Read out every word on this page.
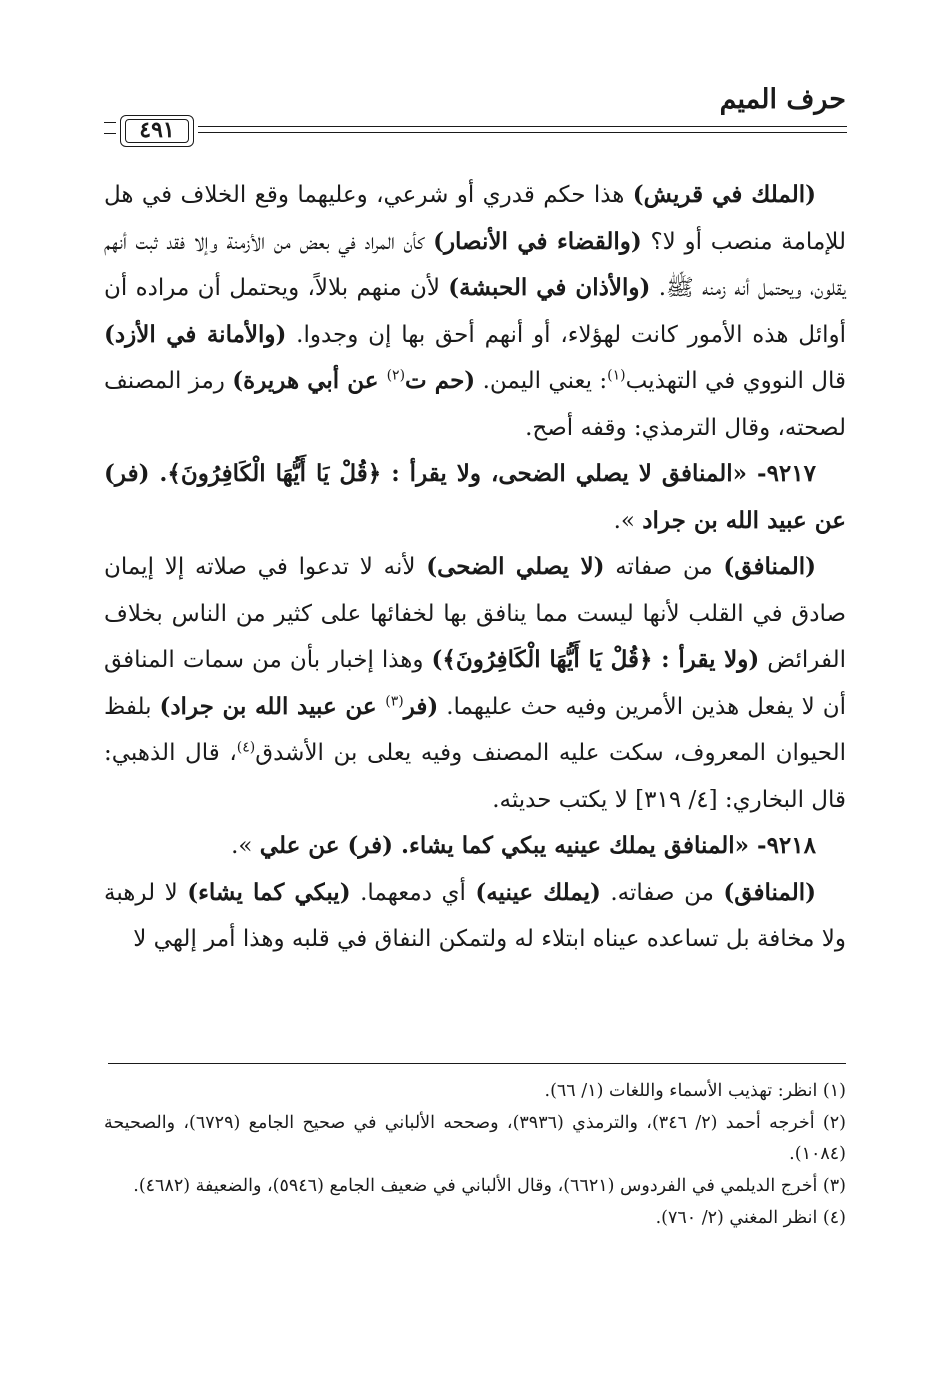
حرف الميم
٤٩١

(الملك في قريش) هذا حكم قدري أو شرعي، وعليهما وقع الخلاف في هل للإمامة منصب أو لا؟ (والقضاء في الأنصار) كأن المراد في بعض من الأزمنة وإلا فقد ثبت أنهم يقلون، ويحتمل أنه زمنه ﷺ. (والأذان في الحبشة) لأن منهم بلالاً، ويحتمل أن مراده أن أوائل هذه الأمور كانت لهؤلاء، أو أنهم أحق بها إن وجدوا. (والأمانة في الأزد) قال النووي في التهذيب$^{(١)}$: يعني اليمن. (حم ت$^{(٢)}$ عن أبي هريرة) رمز المصنف لصحته، وقال الترمذي: وقفه أصح.

٩٢١٧- «المنافق لا يصلي الضحى، ولا يقرأ : ﴿قُلْ يَا أَيُّهَا الْكَافِرُونَ﴾. (فر) عن عبيد الله بن جراد ».

(المنافق) من صفاته (لا يصلي الضحى) لأنه لا تدعوا في صلاته إلا إيمان صادق في القلب لأنها ليست مما ينافق بها لخفائها على كثير من الناس بخلاف الفرائض (ولا يقرأ : ﴿قُلْ يَا أَيُّهَا الْكَافِرُونَ﴾) وهذا إخبار بأن من سمات المنافق أن لا يفعل هذين الأمرين وفيه حث عليهما. (فر$^{(٣)}$ عن عبيد الله بن جراد) بلفظ الحيوان المعروف، سكت عليه المصنف وفيه يعلى بن الأشدق$^{(٤)}$، قال الذهبي: قال البخاري: [٤/ ٣١٩] لا يكتب حديثه.

٩٢١٨- «المنافق يملك عينيه يبكي كما يشاء. (فر) عن علي ».

(المنافق) من صفاته. (يملك عينيه) أي دمعهما. (يبكي كما يشاء) لا لرهبة ولا مخافة بل تساعده عيناه ابتلاء له ولتمكن النفاق في قلبه وهذا أمر إلهي لا

(١) انظر: تهذيب الأسماء واللغات (١/ ٦٦).

(٢) أخرجه أحمد (٢/ ٣٤٦)، والترمذي (٣٩٣٦)، وصححه الألباني في صحيح الجامع (٦٧٢٩)، والصحيحة (١٠٨٤).

(٣) أخرج الديلمي في الفردوس (٦٦٢١)، وقال الألباني في ضعيف الجامع (٥٩٤٦)، والضعيفة (٤٦٨٢).

(٤) انظر المغني (٢/ ٧٦٠).
